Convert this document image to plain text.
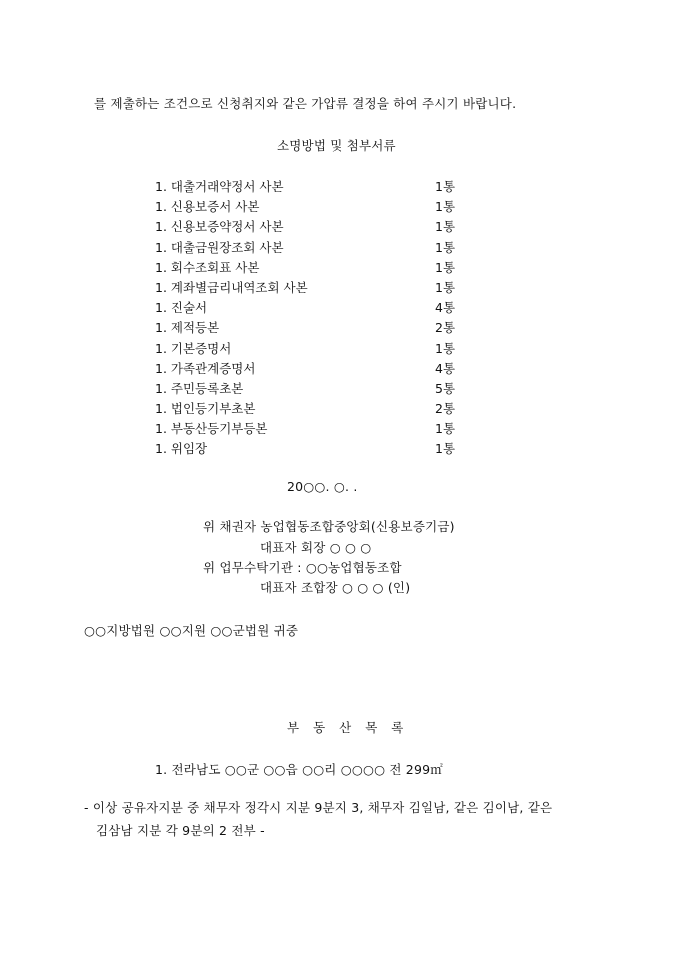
를 제출하는 조건으로 신청취지와 같은 가압류 결정을 하여 주시기 바랍니다.
소명방법 및 첨부서류
1. 대출거래약정서 사본	1통
1. 신용보증서 사본	1통
1. 신용보증약정서 사본	1통
1. 대출금원장조회 사본	1통
1. 회수조회표 사본	1통
1. 계좌별금리내역조회 사본	1통
1. 진술서	4통
1. 제적등본	2통
1. 기본증명서	1통
1. 가족관계증명서	4통
1. 주민등록초본	5통
1. 법인등기부초본	2통
1. 부동산등기부등본	1통
1. 위임장	1통
20○○. ○. .
위 채권자 농업협동조합중앙회(신용보증기금)
대표자 회장 ○ ○ ○
위 업무수탁기관 : ○○농업협동조합
대표자 조합장 ○ ○ ○ (인)
○○지방법원 ○○지원 ○○군법원 귀중
부동산목록
1. 전라남도 ○○군 ○○읍 ○○리 ○○○○ 전 299㎡
- 이상 공유자지분 중 채무자 정각시 지분 9분지 3, 채무자 김일남, 같은 김이남, 같은
김삼남 지분 각 9분의 2 전부 -
